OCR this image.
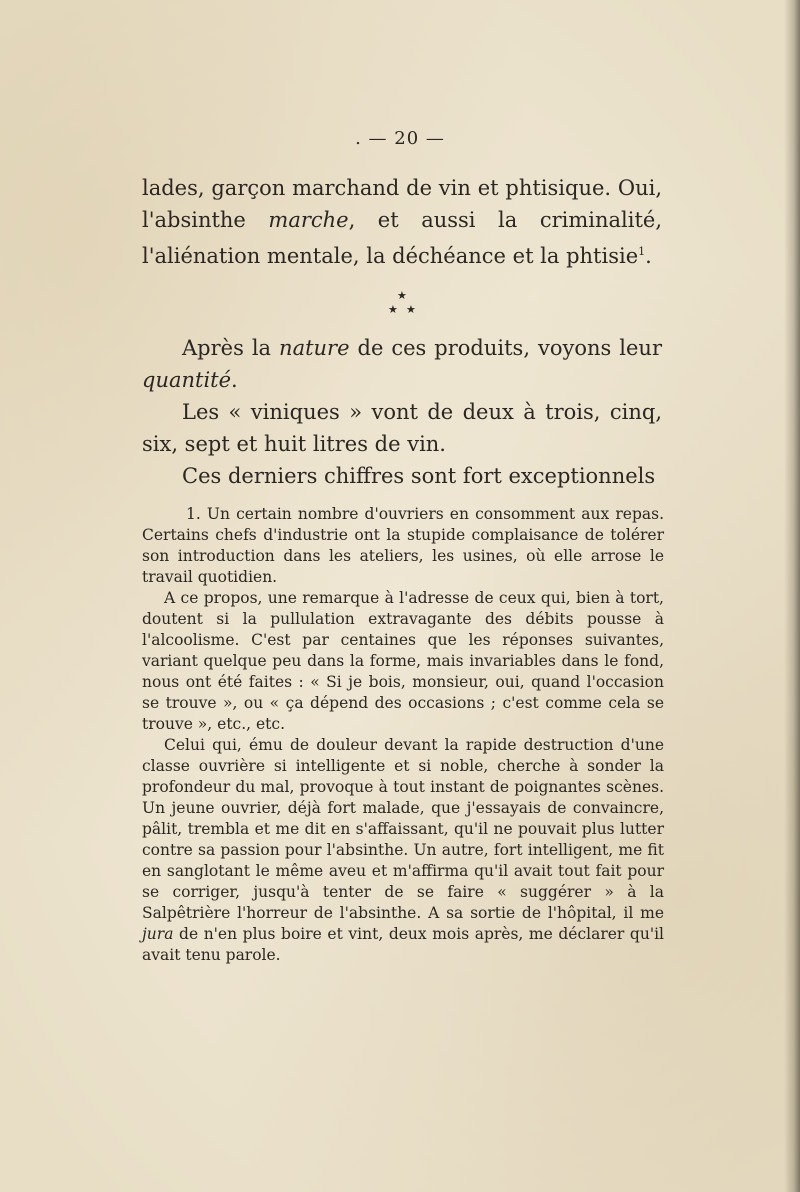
. — 20 —

lades, garçon marchand de vin et phtisique. Oui, l'absinthe marche, et aussi la criminalité, l'aliénation mentale, la déchéance et la phtisie$^1$.

★
★ ★

Après la nature de ces produits, voyons leur quantité.

Les « viniques » vont de deux à trois, cinq, six, sept et huit litres de vin.

Ces derniers chiffres sont fort exceptionnels

1. Un certain nombre d'ouvriers en consomment aux repas. Certains chefs d'industrie ont la stupide complaisance de tolérer son introduction dans les ateliers, les usines, où elle arrose le travail quotidien.

A ce propos, une remarque à l'adresse de ceux qui, bien à tort, doutent si la pullulation extravagante des débits pousse à l'alcoolisme. C'est par centaines que les réponses suivantes, variant quelque peu dans la forme, mais invariables dans le fond, nous ont été faites : « Si je bois, monsieur, oui, quand l'occasion se trouve », ou « ça dépend des occasions ; c'est comme cela se trouve », etc., etc.

Celui qui, ému de douleur devant la rapide destruction d'une classe ouvrière si intelligente et si noble, cherche à sonder la profondeur du mal, provoque à tout instant de poignantes scènes. Un jeune ouvrier, déjà fort malade, que j'essayais de convaincre, pâlit, trembla et me dit en s'affaissant, qu'il ne pouvait plus lutter contre sa passion pour l'absinthe. Un autre, fort intelligent, me fit en sanglotant le même aveu et m'affirma qu'il avait tout fait pour se corriger, jusqu'à tenter de se faire « suggérer » à la Salpêtrière l'horreur de l'absinthe. A sa sortie de l'hôpital, il me jura de n'en plus boire et vint, deux mois après, me déclarer qu'il avait tenu parole.
